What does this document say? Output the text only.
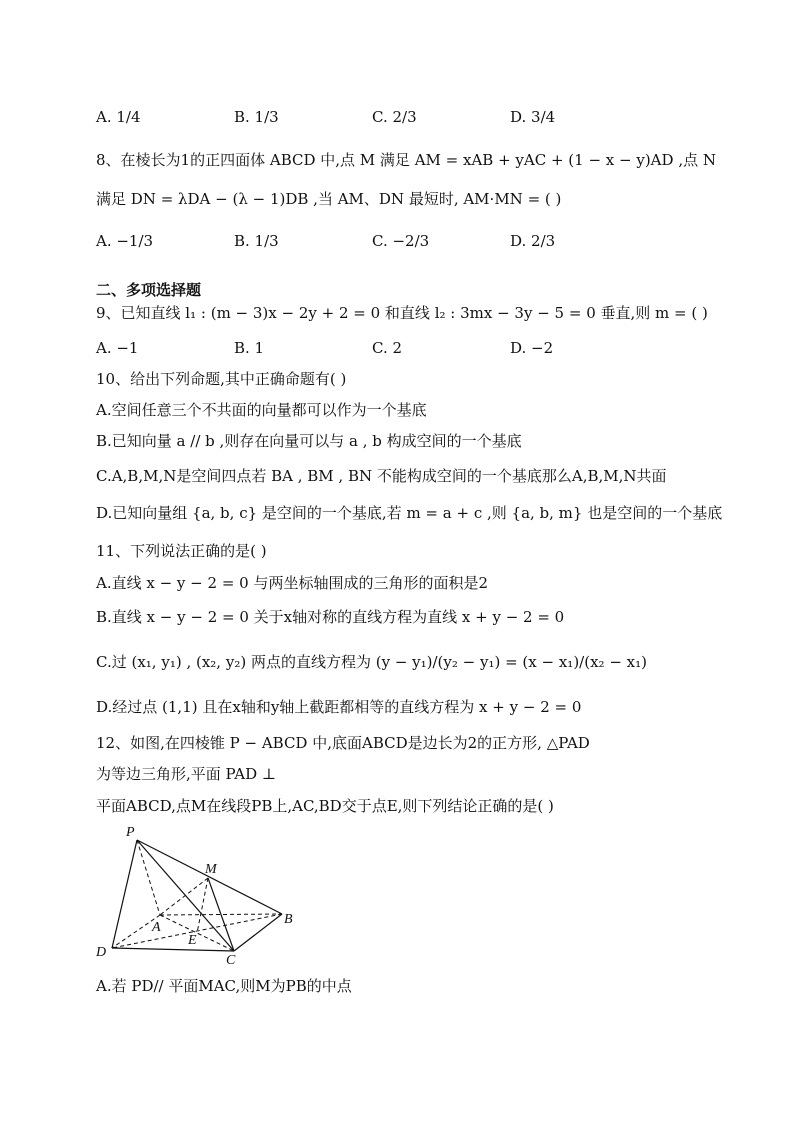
A. 1/4	B. 1/3	C. 2/3	D. 3/4
8、在棱长为1的正四面体 ABCD 中,点 M 满足 AM = xAB + yAC + (1 − x − y)AD ,点 N
满足 DN = λDA − (λ − 1)DB ,当 AM、DN 最短时, AM·MN = ( )
A. −1/3	B. 1/3	C. −2/3	D. 2/3
二、多项选择题
9、已知直线 l₁ : (m − 3)x − 2y + 2 = 0 和直线 l₂ : 3mx − 3y − 5 = 0 垂直,则 m = ( )
A. −1	B. 1	C. 2	D. −2
10、给出下列命题,其中正确命题有( )
A.空间任意三个不共面的向量都可以作为一个基底
B.已知向量 a // b ,则存在向量可以与 a , b 构成空间的一个基底
C.A,B,M,N是空间四点若 BA , BM , BN 不能构成空间的一个基底那么A,B,M,N共面
D.已知向量组 {a, b, c} 是空间的一个基底,若 m = a + c ,则 {a, b, m} 也是空间的一个基底
11、下列说法正确的是( )
A.直线 x − y − 2 = 0 与两坐标轴围成的三角形的面积是2
B.直线 x − y − 2 = 0 关于x轴对称的直线方程为直线 x + y − 2 = 0
C.过 (x₁, y₁) , (x₂, y₂) 两点的直线方程为 (y − y₁)/(y₂ − y₁) = (x − x₁)/(x₂ − x₁)
D.经过点 (1,1) 且在x轴和y轴上截距都相等的直线方程为 x + y − 2 = 0
12、如图,在四棱锥 P − ABCD 中,底面ABCD是边长为2的正方形, △PAD
为等边三角形,平面 PAD ⊥
平面ABCD,点M在线段PB上,AC,BD交于点E,则下列结论正确的是( )
P
M
B
A
E
D
C
A.若 PD// 平面MAC,则M为PB的中点
